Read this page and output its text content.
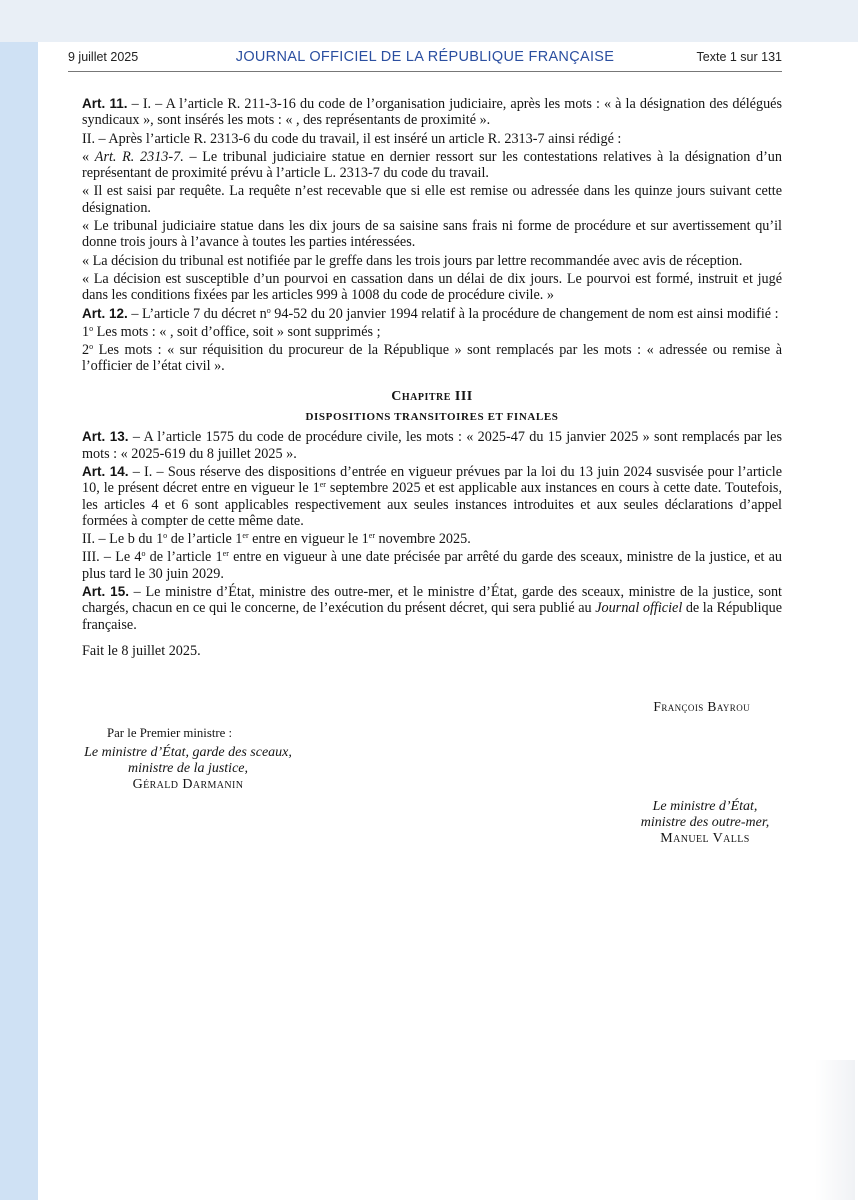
9 juillet 2025	JOURNAL OFFICIEL DE LA RÉPUBLIQUE FRANÇAISE	Texte 1 sur 131

Art. 11. – I. – A l’article R. 211-3-16 du code de l’organisation judiciaire, après les mots : « à la désignation des délégués syndicaux », sont insérés les mots : « , des représentants de proximité ».

II. – Après l’article R. 2313-6 du code du travail, il est inséré un article R. 2313-7 ainsi rédigé :

« Art. R. 2313-7. – Le tribunal judiciaire statue en dernier ressort sur les contestations relatives à la désignation d’un représentant de proximité prévu à l’article L. 2313-7 du code du travail.

« Il est saisi par requête. La requête n’est recevable que si elle est remise ou adressée dans les quinze jours suivant cette désignation.

« Le tribunal judiciaire statue dans les dix jours de sa saisine sans frais ni forme de procédure et sur avertissement qu’il donne trois jours à l’avance à toutes les parties intéressées.

« La décision du tribunal est notifiée par le greffe dans les trois jours par lettre recommandée avec avis de réception.

« La décision est susceptible d’un pourvoi en cassation dans un délai de dix jours. Le pourvoi est formé, instruit et jugé dans les conditions fixées par les articles 999 à 1008 du code de procédure civile. »

Art. 12. – L’article 7 du décret $n^o$ 94-52 du 20 janvier 1994 relatif à la procédure de changement de nom est ainsi modifié :

1$^o$ Les mots : « , soit d’office, soit » sont supprimés ;

2$^o$ Les mots : « sur réquisition du procureur de la République » sont remplacés par les mots : « adressée ou remise à l’officier de l’état civil ».

Chapitre III
DISPOSITIONS TRANSITOIRES ET FINALES

Art. 13. – A l’article 1575 du code de procédure civile, les mots : « 2025-47 du 15 janvier 2025 » sont remplacés par les mots : « 2025-619 du 8 juillet 2025 ».

Art. 14. – I. – Sous réserve des dispositions d’entrée en vigueur prévues par la loi du 13 juin 2024 susvisée pour l’article 10, le présent décret entre en vigueur le 1er septembre 2025 et est applicable aux instances en cours à cette date. Toutefois, les articles 4 et 6 sont applicables respectivement aux seules instances introduites et aux seules déclarations d’appel formées à compter de cette même date.

II. – Le b du 1$^o$ de l’article 1er entre en vigueur le 1er novembre 2025.

III. – Le 4$^o$ de l’article 1er entre en vigueur à une date précisée par arrêté du garde des sceaux, ministre de la justice, et au plus tard le 30 juin 2029.

Art. 15. – Le ministre d’État, ministre des outre-mer, et le ministre d’État, garde des sceaux, ministre de la justice, sont chargés, chacun en ce qui le concerne, de l’exécution du présent décret, qui sera publié au Journal officiel de la République française.

Fait le 8 juillet 2025.

François Bayrou
Par le Premier ministre :
Le ministre d’État, garde des sceaux,
ministre de la justice,
Gérald Darmanin
Le ministre d’État,
ministre des outre-mer,
Manuel Valls
